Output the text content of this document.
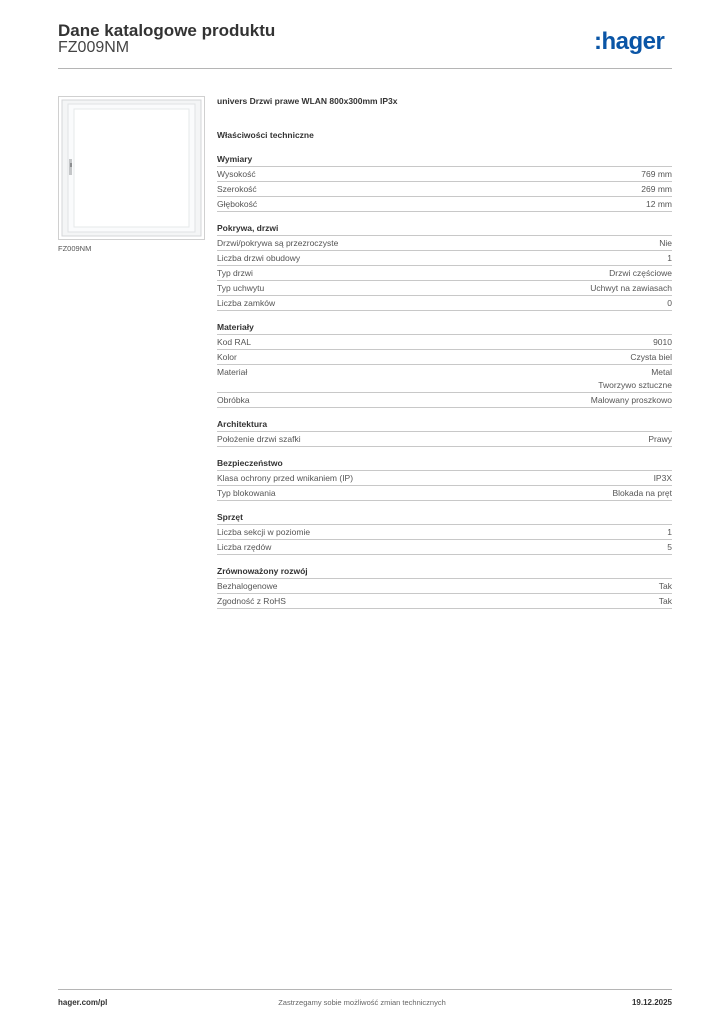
Dane katalogowe produktu
FZ009NM	:hager
FZ009NM
univers Drzwi prawe WLAN 800x300mm IP3x
Właściwości techniczne
Wymiary
Wysokość	769 mm
Szerokość	269 mm
Głębokość	12 mm
Pokrywa, drzwi
Drzwi/pokrywa są przezroczyste	Nie
Liczba drzwi obudowy	1
Typ drzwi	Drzwi częściowe
Typ uchwytu	Uchwyt na zawiasach
Liczba zamków	0
Materiały
Kod RAL	9010
Kolor	Czysta biel
Materiał	Metal
Tworzywo sztuczne
Obróbka	Malowany proszkowo
Architektura
Położenie drzwi szafki	Prawy
Bezpieczeństwo
Klasa ochrony przed wnikaniem (IP)	IP3X
Typ blokowania	Blokada na pręt
Sprzęt
Liczba sekcji w poziomie	1
Liczba rzędów	5
Zrównoważony rozwój
Bezhalogenowe	Tak
Zgodność z RoHS	Tak
hager.com/pl	Zastrzegamy sobie możliwość zmian technicznych	19.12.2025
